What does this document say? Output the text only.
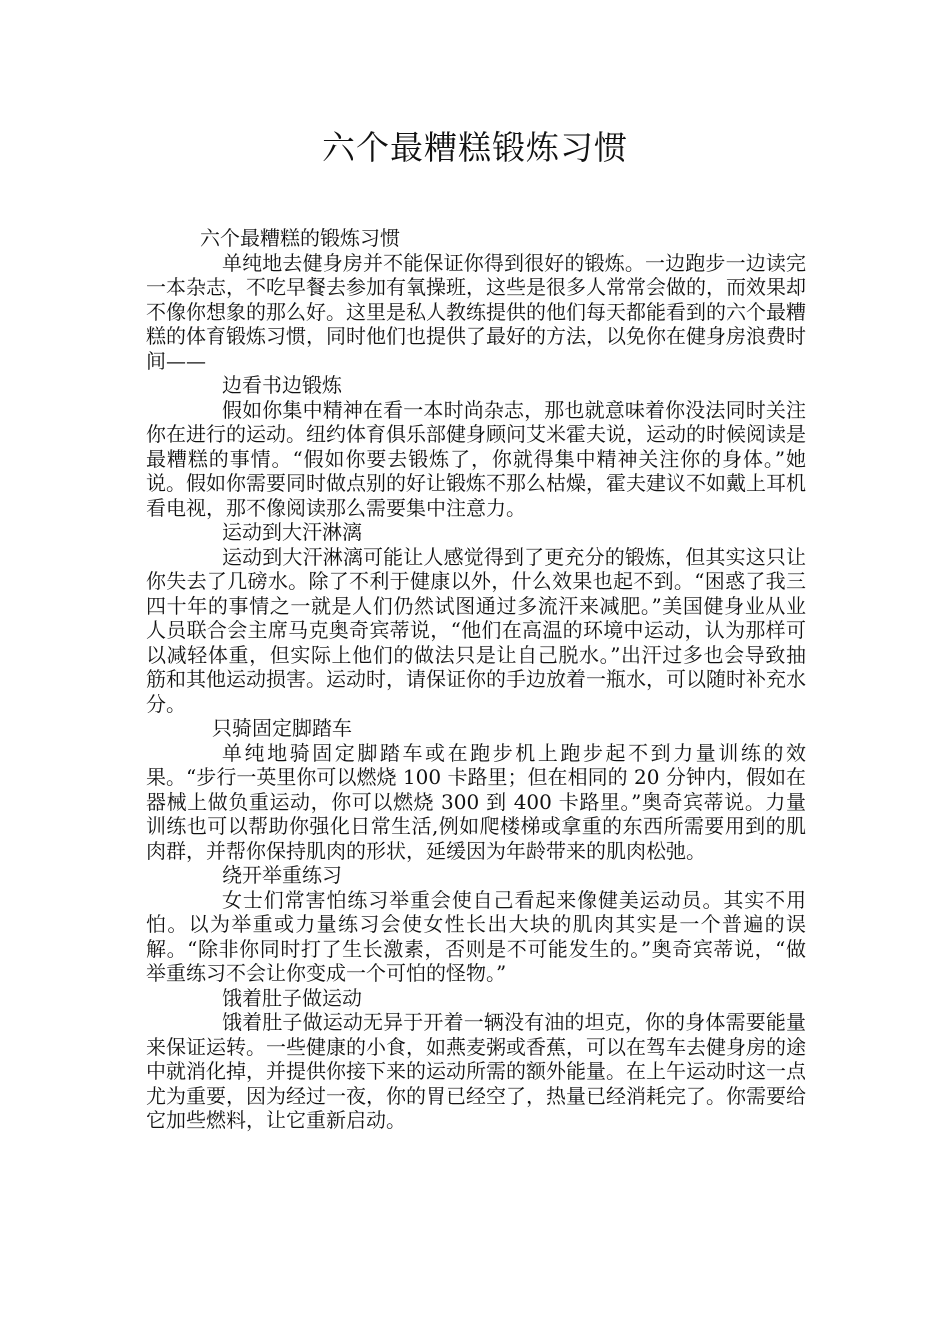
六个最糟糕锻炼习惯

六个最糟糕的锻炼习惯

单纯地去健身房并不能保证你得到很好的锻炼。一边跑步一边读完一本杂志，不吃早餐去参加有氧操班，这些是很多人常常会做的，而效果却不像你想象的那么好。这里是私人教练提供的他们每天都能看到的六个最糟糕的体育锻炼习惯，同时他们也提供了最好的方法，以免你在健身房浪费时间——

边看书边锻炼

假如你集中精神在看一本时尚杂志，那也就意味着你没法同时关注你在进行的运动。纽约体育俱乐部健身顾问艾米霍夫说，运动的时候阅读是最糟糕的事情。“假如你要去锻炼了，你就得集中精神关注你的身体。”她说。假如你需要同时做点别的好让锻炼不那么枯燥，霍夫建议不如戴上耳机看电视，那不像阅读那么需要集中注意力。

运动到大汗淋漓

运动到大汗淋漓可能让人感觉得到了更充分的锻炼，但其实这只让你失去了几磅水。除了不利于健康以外，什么效果也起不到。“困惑了我三四十年的事情之一就是人们仍然试图通过多流汗来减肥。”美国健身业从业人员联合会主席马克奥奇宾蒂说，“他们在高温的环境中运动，认为那样可以减轻体重，但实际上他们的做法只是让自己脱水。”出汗过多也会导致抽筋和其他运动损害。运动时，请保证你的手边放着一瓶水，可以随时补充水分。

只骑固定脚踏车

单纯地骑固定脚踏车或在跑步机上跑步起不到力量训练的效果。“步行一英里你可以燃烧 100 卡路里；但在相同的 20 分钟内，假如在器械上做负重运动，你可以燃烧 300 到 400 卡路里。”奥奇宾蒂说。力量训练也可以帮助你强化日常生活,例如爬楼梯或拿重的东西所需要用到的肌肉群，并帮你保持肌肉的形状，延缓因为年龄带来的肌肉松弛。

绕开举重练习

女士们常害怕练习举重会使自己看起来像健美运动员。其实不用怕。以为举重或力量练习会使女性长出大块的肌肉其实是一个普遍的误解。“除非你同时打了生长激素，否则是不可能发生的。”奥奇宾蒂说，“做举重练习不会让你变成一个可怕的怪物。”

饿着肚子做运动

饿着肚子做运动无异于开着一辆没有油的坦克，你的身体需要能量来保证运转。一些健康的小食，如燕麦粥或香蕉，可以在驾车去健身房的途中就消化掉，并提供你接下来的运动所需的额外能量。在上午运动时这一点尤为重要，因为经过一夜，你的胃已经空了，热量已经消耗完了。你需要给它加些燃料，让它重新启动。
